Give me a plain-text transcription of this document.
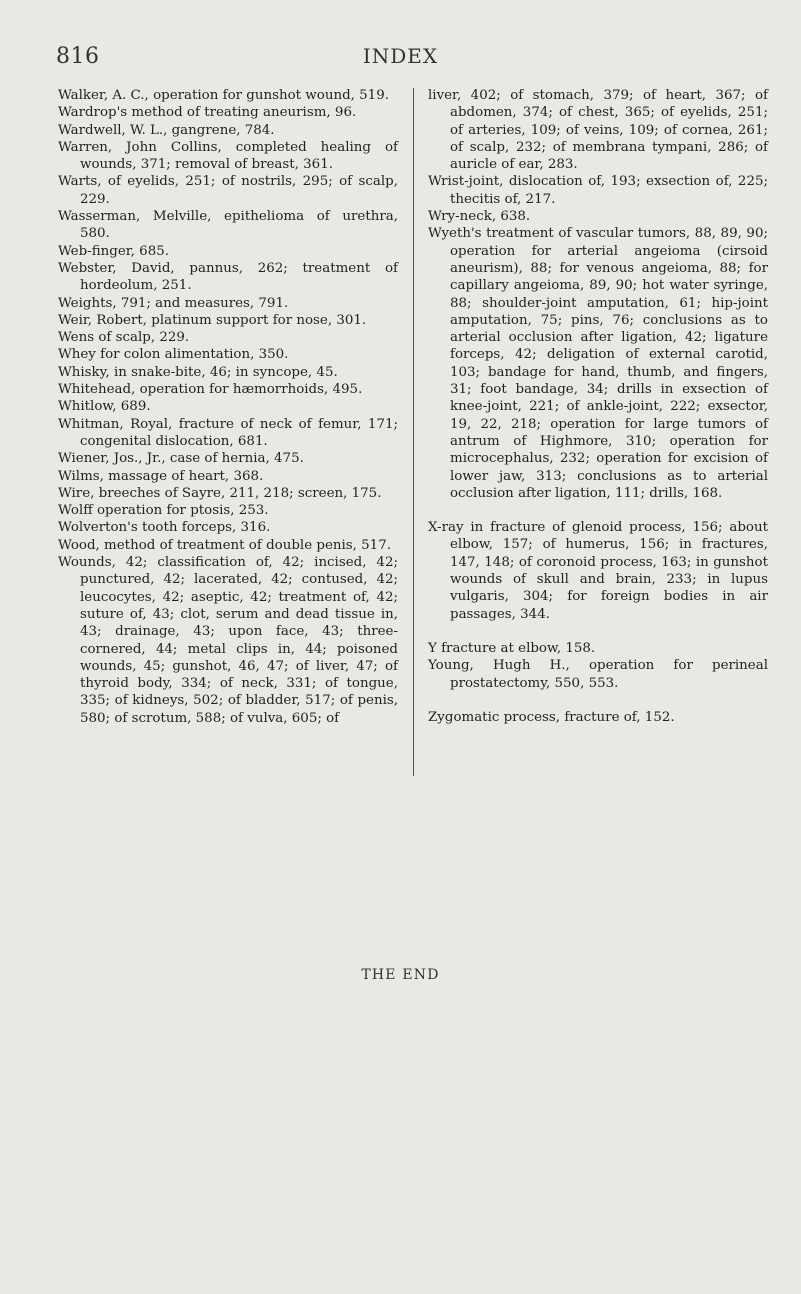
816	INDEX

Walker, A. C., operation for gunshot wound, 519.

Wardrop's method of treating aneurism, 96.

Wardwell, W. L., gangrene, 784.

Warren, John Collins, completed healing of wounds, 371; removal of breast, 361.

Warts, of eyelids, 251; of nostrils, 295; of scalp, 229.

Wasserman, Melville, epithelioma of urethra, 580.

Web-finger, 685.

Webster, David, pannus, 262; treatment of hordeolum, 251.

Weights, 791; and measures, 791.

Weir, Robert, platinum support for nose, 301.

Wens of scalp, 229.

Whey for colon alimentation, 350.

Whisky, in snake-bite, 46; in syncope, 45.

Whitehead, operation for hæmorrhoids, 495.

Whitlow, 689.

Whitman, Royal, fracture of neck of femur, 171; congenital dislocation, 681.

Wiener, Jos., Jr., case of hernia, 475.

Wilms, massage of heart, 368.

Wire, breeches of Sayre, 211, 218; screen, 175.

Wolff operation for ptosis, 253.

Wolverton's tooth forceps, 316.

Wood, method of treatment of double penis, 517.

Wounds, 42; classification of, 42; incised, 42; punctured, 42; lacerated, 42; contused, 42; leucocytes, 42; aseptic, 42; treatment of, 42; suture of, 43; clot, serum and dead tissue in, 43; drainage, 43; upon face, 43; three-cornered, 44; metal clips in, 44; poisoned wounds, 45; gunshot, 46, 47; of liver, 47; of thyroid body, 334; of neck, 331; of tongue, 335; of kidneys, 502; of bladder, 517; of penis, 580; of scrotum, 588; of vulva, 605; of

liver, 402; of stomach, 379; of heart, 367; of abdomen, 374; of chest, 365; of eyelids, 251; of arteries, 109; of veins, 109; of cornea, 261; of scalp, 232; of membrana tympani, 286; of auricle of ear, 283.

Wrist-joint, dislocation of, 193; exsection of, 225; thecitis of, 217.

Wry-neck, 638.

Wyeth's treatment of vascular tumors, 88, 89, 90; operation for arterial angeioma (cirsoid aneurism), 88; for venous angeioma, 88; for capillary angeioma, 89, 90; hot water syringe, 88; shoulder-joint amputation, 61; hip-joint amputation, 75; pins, 76; conclusions as to arterial occlusion after ligation, 42; ligature forceps, 42; deligation of external carotid, 103; bandage for hand, thumb, and fingers, 31; foot bandage, 34; drills in exsection of knee-joint, 221; of ankle-joint, 222; exsector, 19, 22, 218; operation for large tumors of antrum of Highmore, 310; operation for microcephalus, 232; operation for excision of lower jaw, 313; conclusions as to arterial occlusion after ligation, 111; drills, 168.

X-ray in fracture of glenoid process, 156; about elbow, 157; of humerus, 156; in fractures, 147, 148; of coronoid process, 163; in gunshot wounds of skull and brain, 233; in lupus vulgaris, 304; for foreign bodies in air passages, 344.

Y fracture at elbow, 158.

Young, Hugh H., operation for perineal prostatectomy, 550, 553.

Zygomatic process, fracture of, 152.

THE END
